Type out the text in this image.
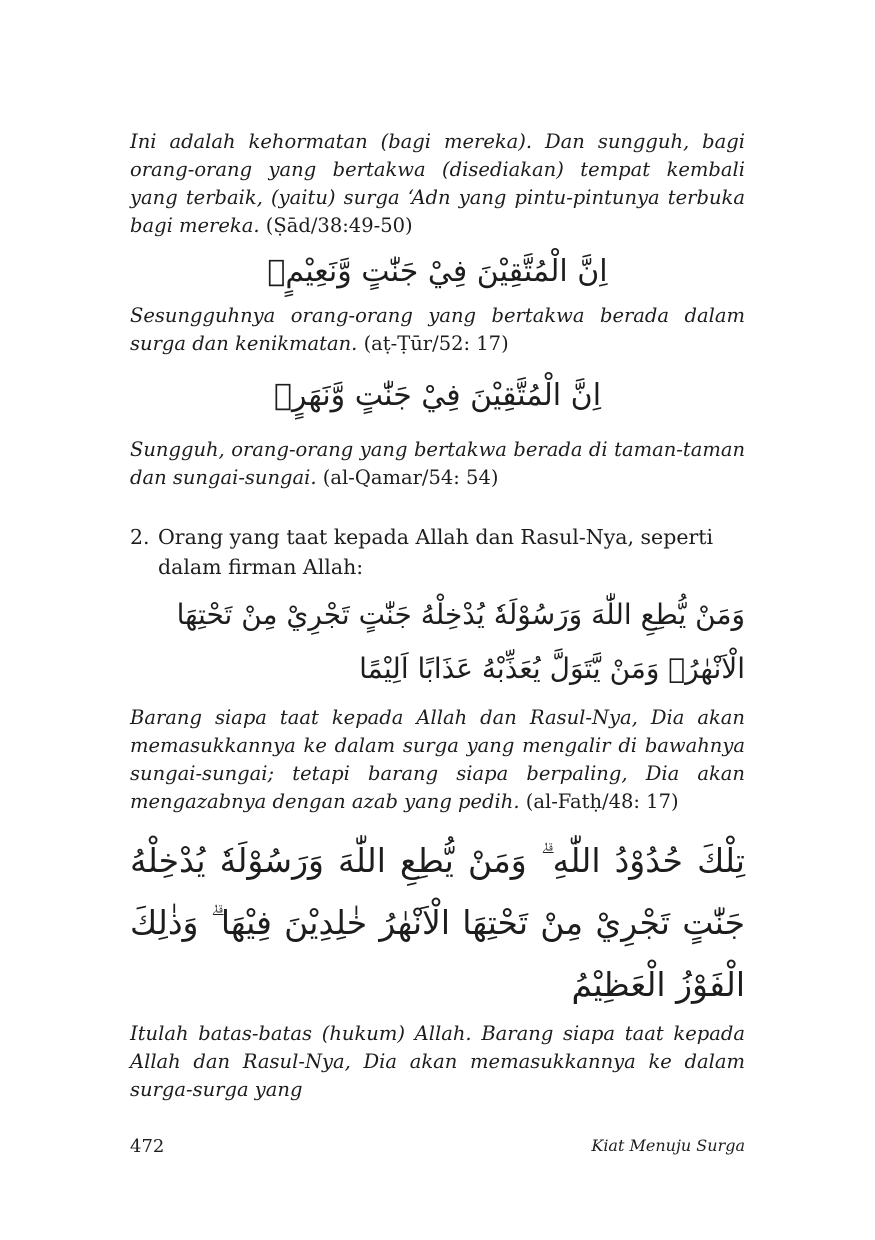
Ini adalah kehormatan (bagi mereka). Dan sungguh, bagi orang-orang yang bertakwa (disediakan) tempat kembali yang terbaik, (yaitu) surga ‘Adn yang pintu-pintunya terbuka bagi mereka. (Ṣād/38:49-50)

اِنَّ الْمُتَّقِيْنَ فِيْ جَنّٰتٍ وَّنَعِيْمٍۙ

Sesungguhnya orang-orang yang bertakwa berada dalam surga dan kenikmatan. (aṭ-Ṭūr/52: 17)

اِنَّ الْمُتَّقِيْنَ فِيْ جَنّٰتٍ وَّنَهَرٍۙ

Sungguh, orang-orang yang bertakwa berada di taman-taman dan sungai-sungai. (al-Qamar/54: 54)

2. Orang yang taat kepada Allah dan Rasul-Nya, seperti dalam firman Allah:
وَمَنْ يُّطِعِ اللّٰهَ وَرَسُوْلَهٗ يُدْخِلْهُ جَنّٰتٍ تَجْرِيْ مِنْ تَحْتِهَا الْاَنْهٰرُۚ وَمَنْ يَّتَوَلَّ يُعَذِّبْهُ عَذَابًا اَلِيْمًا

Barang siapa taat kepada Allah dan Rasul-Nya, Dia akan memasukkannya ke dalam surga yang mengalir di bawahnya sungai-sungai; tetapi barang siapa berpaling, Dia akan mengazabnya dengan azab yang pedih. (al-Fatḥ/48: 17)

تِلْكَ حُدُوْدُ اللّٰهِ ۗ وَمَنْ يُّطِعِ اللّٰهَ وَرَسُوْلَهٗ يُدْخِلْهُ جَنّٰتٍ تَجْرِيْ مِنْ تَحْتِهَا الْاَنْهٰرُ خٰلِدِيْنَ فِيْهَا ۗ وَذٰلِكَ الْفَوْزُ الْعَظِيْمُ

Itulah batas-batas (hukum) Allah. Barang siapa taat kepada Allah dan Rasul-Nya, Dia akan memasukkannya ke dalam surga-surga yang

472	Kiat Menuju Surga
